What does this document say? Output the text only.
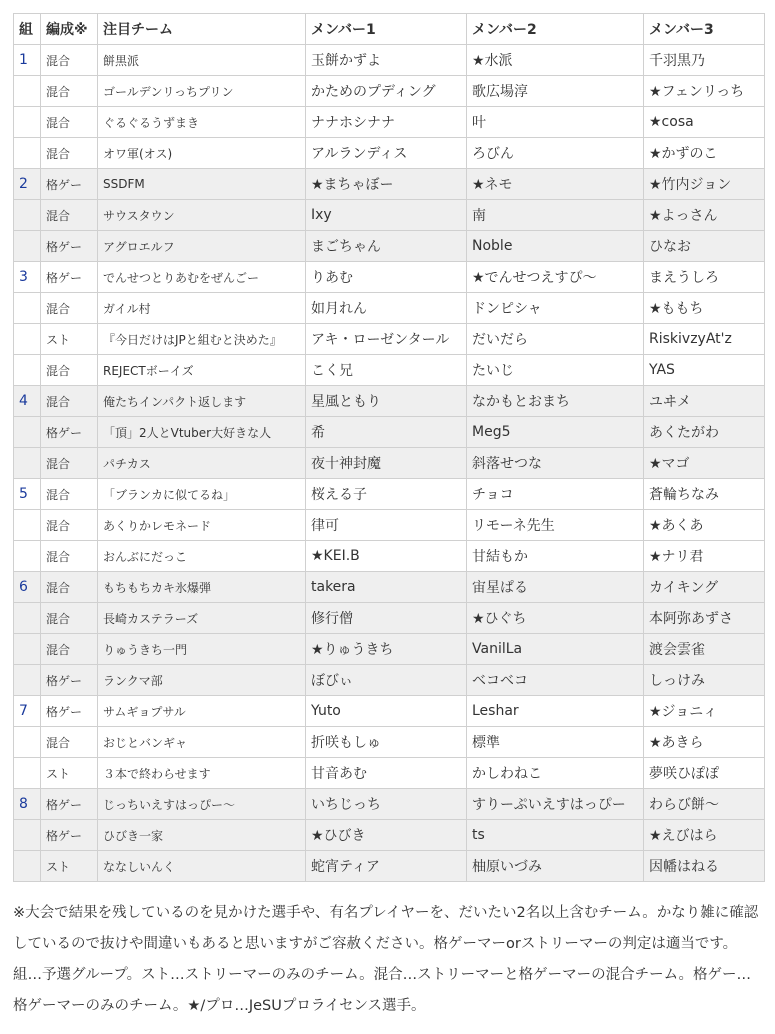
組	編成※	注目チーム	メンバー1	メンバー2	メンバー3
1	混合	餅黒派	玉餅かずよ	★水派	千羽黒乃
	混合	ゴールデンリっちプリン	かためのプディング	歌広場淳	★フェンリっち
	混合	ぐるぐるうずまき	ナナホシナナ	叶	★cosa
	混合	オワ軍(オス)	アルランディス	ろびん	★かずのこ
2	格ゲー	SSDFM	★まちゃぼー	★ネモ	★竹内ジョン
	混合	サウスタウン	Ixy	南	★よっさん
	格ゲー	アグロエルフ	まごちゃん	Noble	ひなお
3	格ゲー	でんせつとりあむをぜんごー	りあむ	★でんせつえすぴ〜	まえうしろ
	混合	ガイル村	如月れん	ドンピシャ	★ももち
	スト	『今日だけはJPと組むと決めた』	アキ・ローゼンタール	だいだら	RiskivzyAt'z
	混合	REJECTボーイズ	こく兄	たいじ	YAS
4	混合	俺たちインパクト返します	星風ともり	なかもとおまち	ユヰメ
	格ゲー	「頂」2人とVtuber大好きな人	希	Meg5	あくたがわ
	混合	パチカス	夜十神封魔	斜落せつな	★マゴ
5	混合	「ブランカに似てるね」	桜える子	チョコ	蒼輪ちなみ
	混合	あくりかレモネード	律可	リモーネ先生	★あくあ
	混合	おんぶにだっこ	★KEI.B	甘結もか	★ナリ君
6	混合	もちもちカキ氷爆弾	takera	宙星ぱる	カイキング
	混合	長崎カステラーズ	修行僧	★ひぐち	本阿弥あずさ
	混合	りゅうきち一門	★りゅうきち	VanilLa	渡会雲雀
	格ゲー	ランクマ部	ぼびぃ	ベコベコ	しっけみ
7	格ゲー	サムギョプサル	Yuto	Leshar	★ジョニィ
	混合	おじとバンギャ	折咲もしゅ	標準	★あきら
	スト	３本で終わらせます	甘音あむ	かしわねこ	夢咲ひぽぽ
8	格ゲー	じっちいえすはっぴー〜	いちじっち	すりーぷいえすはっぴー	わらび餅〜
	格ゲー	ひびき一家	★ひびき	ts	★えびはら
	スト	ななしいんく	蛇宵ティア	柚原いづみ	因幡はねる
※大会で結果を残しているのを見かけた選手や、有名プレイヤーを、だいたい2名以上含むチーム。かなり雑に確認しているので抜けや間違いもあると思いますがご容赦ください。格ゲーマーorストリーマーの判定は適当です。組…予選グループ。スト…ストリーマーのみのチーム。混合…ストリーマーと格ゲーマーの混合チーム。格ゲー…格ゲーマーのみのチーム。★/プロ…JeSUプロライセンス選手。
